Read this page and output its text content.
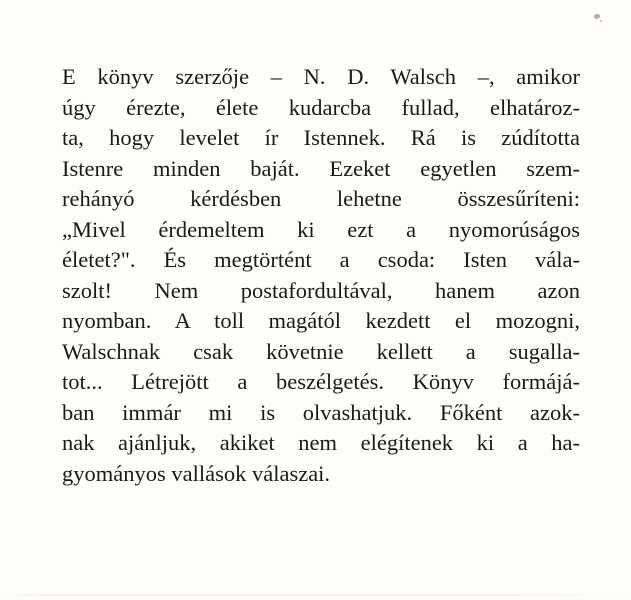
E könyv szerzője – N. D. Walsch –, amikor
úgy érezte, élete kudarcba fullad, elhatároz-
ta, hogy levelet ír Istennek. Rá is zúdította
Istenre minden baját. Ezeket egyetlen szem-
rehányó kérdésben lehetne összesűríteni:
„Mivel érdemeltem ki ezt a nyomorúságos
életet?". És megtörtént a csoda: Isten vála-
szolt! Nem postafordultával, hanem azon
nyomban. A toll magától kezdett el mozogni,
Walschnak csak követnie kellett a sugalla-
tot... Létrejött a beszélgetés. Könyv formájá-
ban immár mi is olvashatjuk. Főként azok-
nak ajánljuk, akiket nem elégítenek ki a ha-
gyományos vallások válaszai.
